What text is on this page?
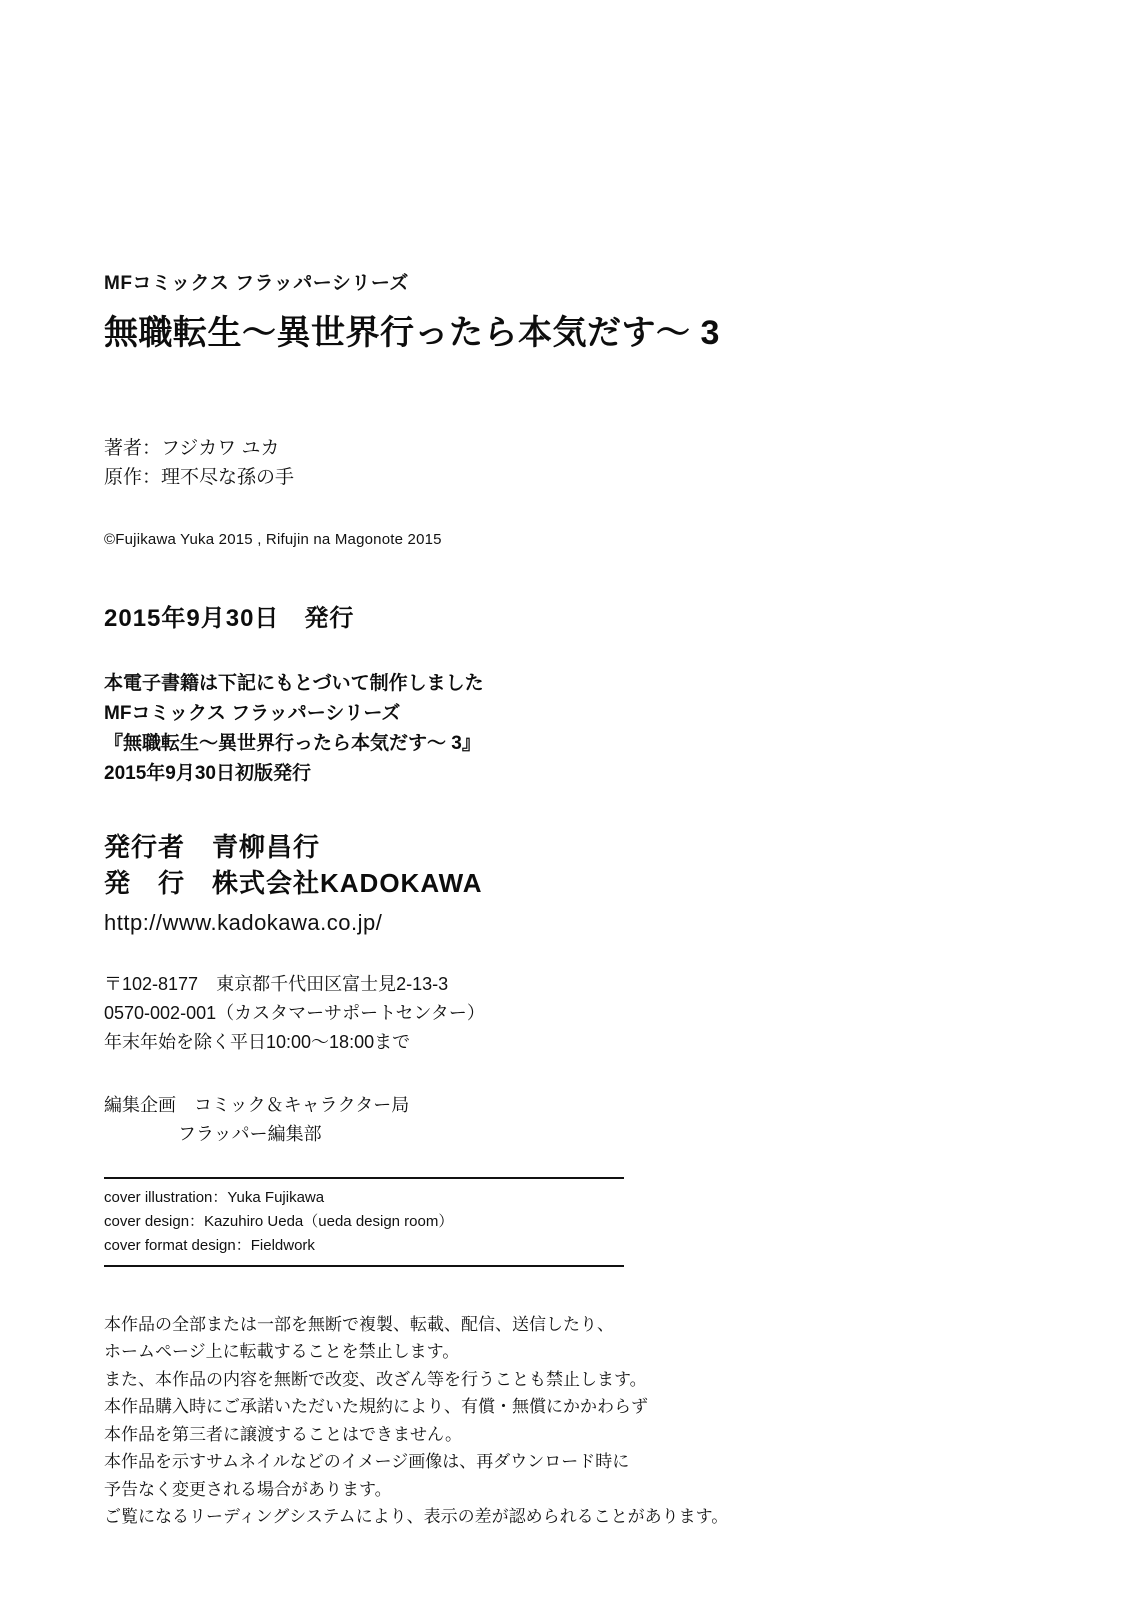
MFコミックス フラッパーシリーズ
無職転生〜異世界行ったら本気だす〜 3
著者：フジカワ ユカ
原作：理不尽な孫の手
©Fujikawa Yuka 2015 , Rifujin na Magonote 2015
2015年9月30日　発行
本電子書籍は下記にもとづいて制作しました
MFコミックス フラッパーシリーズ
『無職転生〜異世界行ったら本気だす〜 3』
2015年9月30日初版発行
発行者　青柳昌行
発　行　株式会社KADOKAWA
http://www.kadokawa.co.jp/
〒102-8177　東京都千代田区富士見2-13-3
0570-002-001（カスタマーサポートセンター）
年末年始を除く平日10:00〜18:00まで
編集企画　コミック＆キャラクター局
フラッパー編集部
cover illustration：Yuka Fujikawa
cover design：Kazuhiro Ueda（ueda design room）
cover format design：Fieldwork
本作品の全部または一部を無断で複製、転載、配信、送信したり、
ホームページ上に転載することを禁止します。
また、本作品の内容を無断で改変、改ざん等を行うことも禁止します。
本作品購入時にご承諾いただいた規約により、有償・無償にかかわらず
本作品を第三者に譲渡することはできません。
本作品を示すサムネイルなどのイメージ画像は、再ダウンロード時に
予告なく変更される場合があります。
ご覧になるリーディングシステムにより、表示の差が認められることがあります。
